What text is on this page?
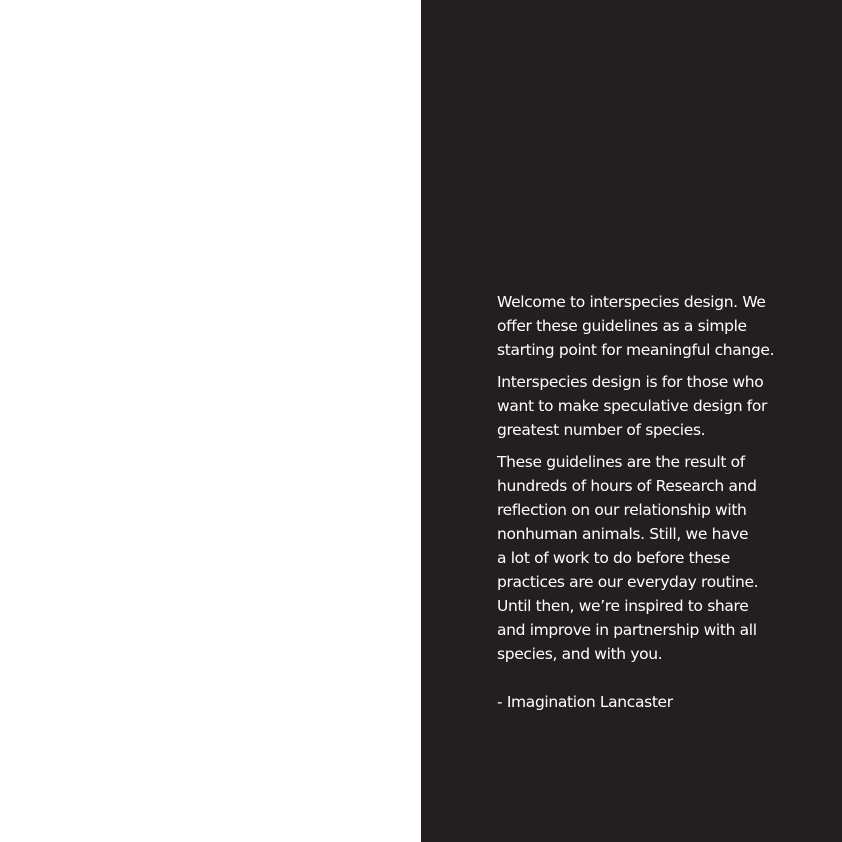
Welcome to interspecies design. We
offer these guidelines as a simple
starting point for meaningful change.

Interspecies design is for those who
want to make speculative design for
greatest number of species.

These guidelines are the result of
hundreds of hours of Research and
reflection on our relationship with
nonhuman animals. Still, we have
a lot of work to do before these
practices are our everyday routine.
Until then, we’re inspired to share
and improve in partnership with all
species, and with you.

- Imagination Lancaster
